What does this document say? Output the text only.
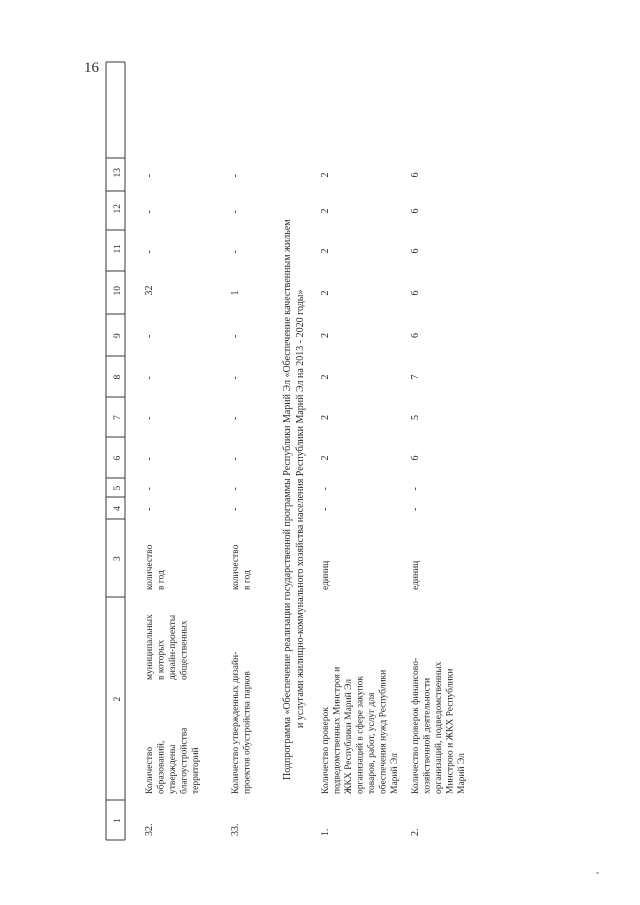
16
1
2
3
4
5
6
7
8
9
10
11
12
13
32.
Количество образований, утверждены благоустройства территорий
муниципальных в которых дизайн-проекты общественных
количество в год
-
-
-
-
-
-
32
-
-
-
33.
Количество утвержденных дизайн- проектов обустройства парков
количество в год
-
-
-
-
-
-
1
-
-
-
Подпрограмма «Обеспечение реализации государственной программы Республики Марий Эл «Обеспечение качественным жильем и услугами жилищно-коммунального хозяйства населения Республики Марий Эл на 2013 - 2020 годы»
1.
Количество проверок подведомственных Минстроя и ЖКХ Республики Марий Эл организаций в сфере закупок товаров, работ, услуг для обеспечения нужд Республики Марий Эл
единиц
-
-
2
2
2
2
2
2
2
2
2.
Количество проверок финансово- хозяйственной деятельности организаций, подведомственных Минстрою и ЖКХ Республики Марий Эл
единиц
-
-
6
5
7
6
6
6
6
6
